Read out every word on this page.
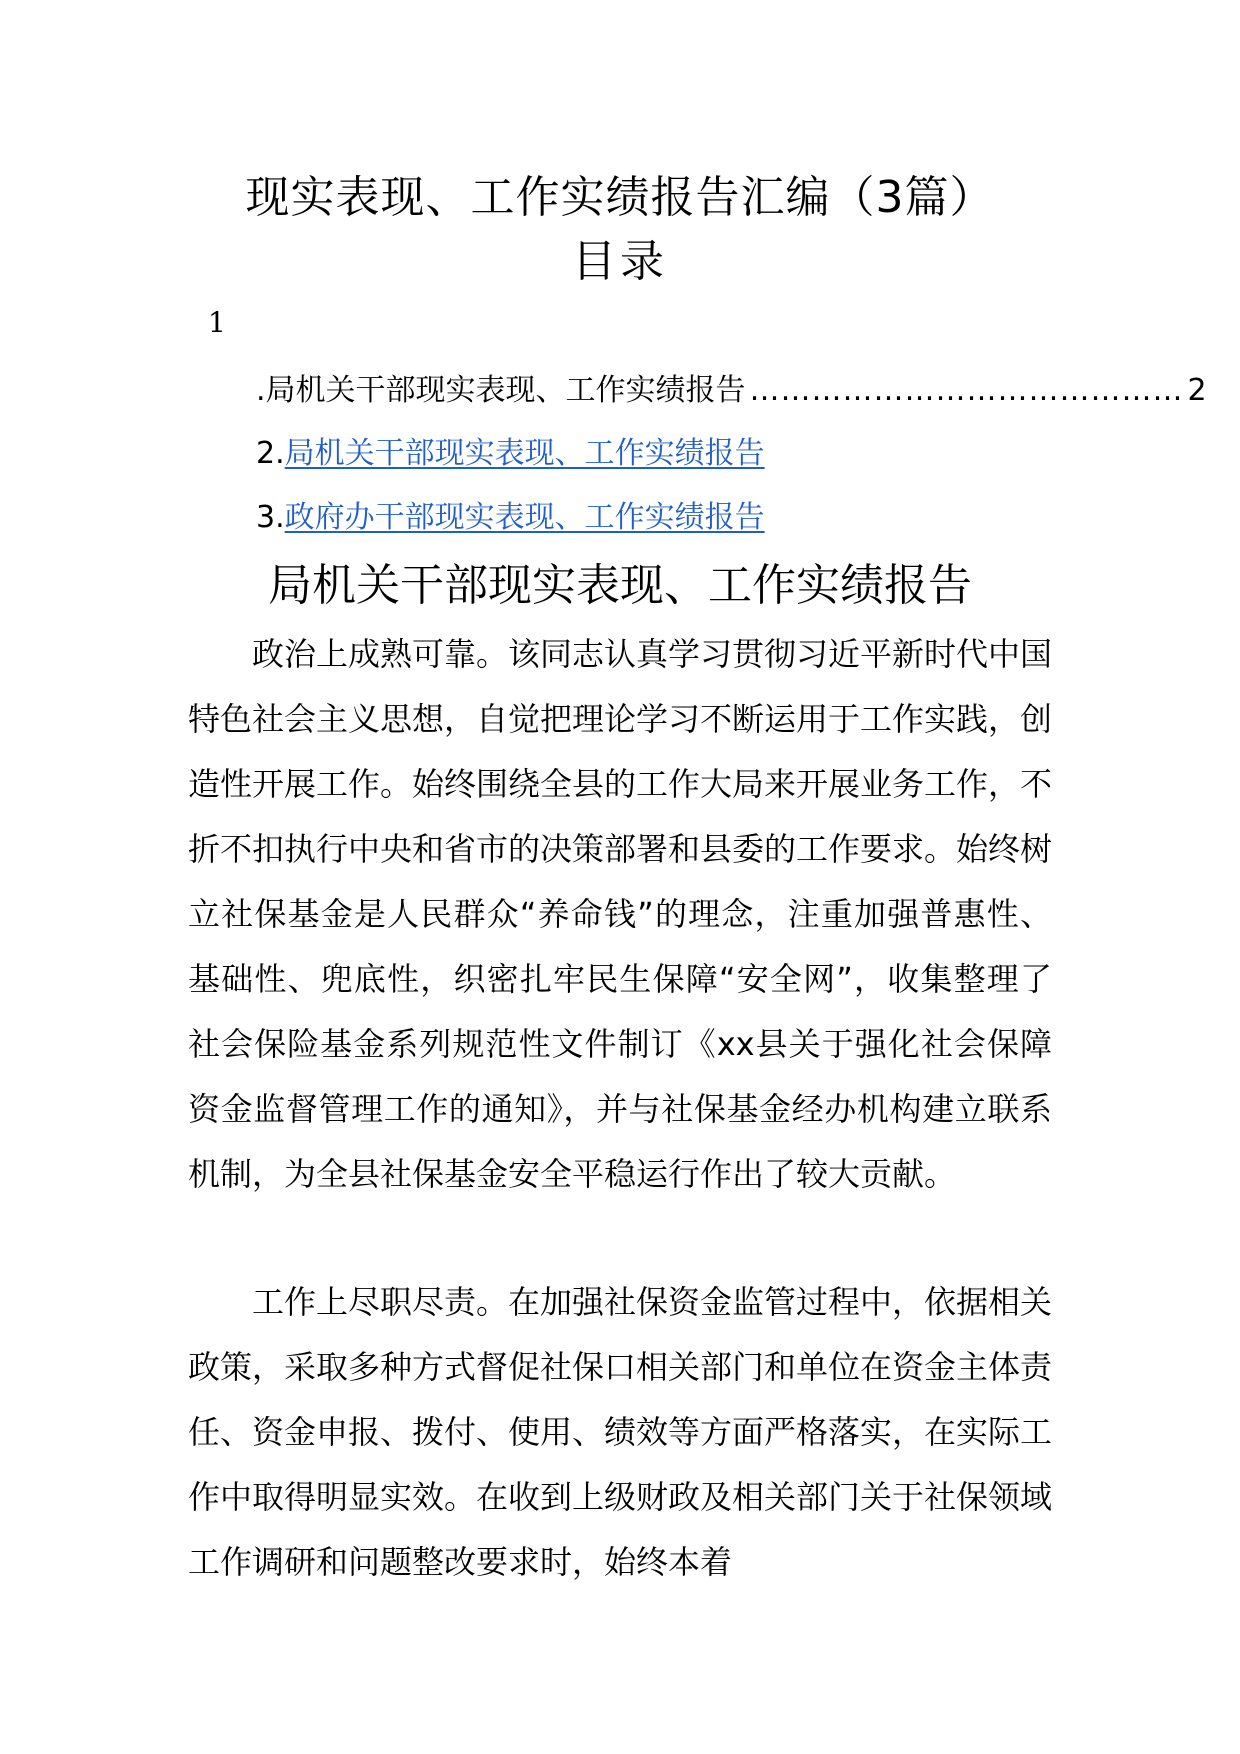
现实表现、工作实绩报告汇编（3篇）
目录
1
.局机关干部现实表现、工作实绩报告 …………………………………… 2
2.局机关干部现实表现、工作实绩报告
3.政府办干部现实表现、工作实绩报告
局机关干部现实表现、工作实绩报告

政治上成熟可靠。该同志认真学习贯彻习近平新时代中国特色社会主义思想，自觉把理论学习不断运用于工作实践，创造性开展工作。始终围绕全县的工作大局来开展业务工作，不折不扣执行中央和省市的决策部署和县委的工作要求。始终树立社保基金是人民群众“养命钱”的理念，注重加强普惠性、基础性、兜底性，织密扎牢民生保障“安全网”，收集整理了社会保险基金系列规范性文件制订《xx县关于强化社会保障资金监督管理工作的通知》，并与社保基金经办机构建立联系机制，为全县社保基金安全平稳运行作出了较大贡献。

工作上尽职尽责。在加强社保资金监管过程中，依据相关政策，采取多种方式督促社保口相关部门和单位在资金主体责任、资金申报、拨付、使用、绩效等方面严格落实，在实际工作中取得明显实效。在收到上级财政及相关部门关于社保领域工作调研和问题整改要求时，始终本着
